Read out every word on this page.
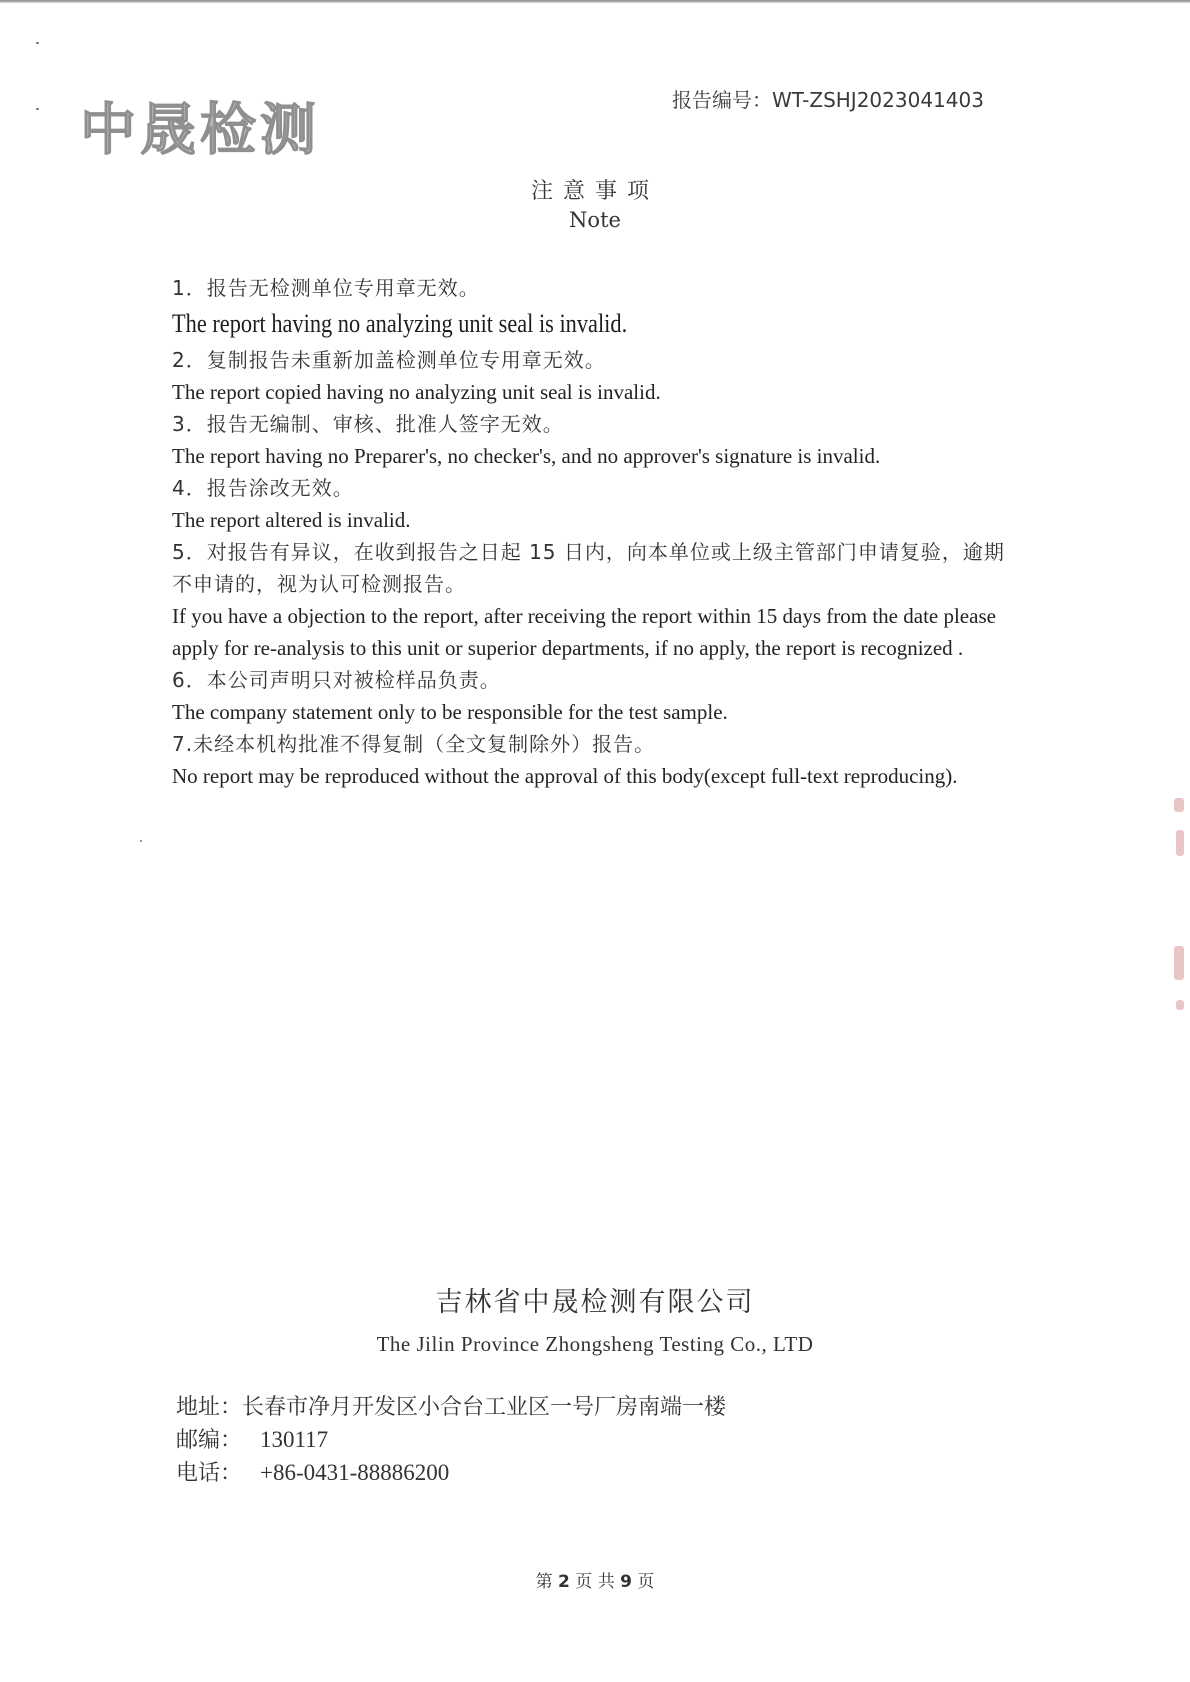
中晟检测	报告编号：WT-ZSHJ2023041403
注意事项
Note
1．报告无检测单位专用章无效。
The report having no analyzing unit seal is invalid.
2．复制报告未重新加盖检测单位专用章无效。
The report copied having no analyzing unit seal is invalid.
3．报告无编制、审核、批准人签字无效。
The report having no Preparer's, no checker's, and no approver's signature is invalid.
4．报告涂改无效。
The report altered is invalid.
5．对报告有异议，在收到报告之日起 15 日内，向本单位或上级主管部门申请复验，逾期不申请的，视为认可检测报告。
If you have a objection to the report, after receiving the report within 15 days from the date please apply for re-analysis to this unit or superior departments, if no apply, the report is recognized .
6．本公司声明只对被检样品负责。
The company statement only to be responsible for the test sample.
7.未经本机构批准不得复制（全文复制除外）报告。
No report may be reproduced without the approval of this body(except full-text reproducing).
吉林省中晟检测有限公司
The Jilin Province Zhongsheng Testing Co., LTD
地址：长春市净月开发区小合台工业区一号厂房南端一楼
邮编： 130117
电话： +86-0431-88886200
第 2 页 共 9 页
